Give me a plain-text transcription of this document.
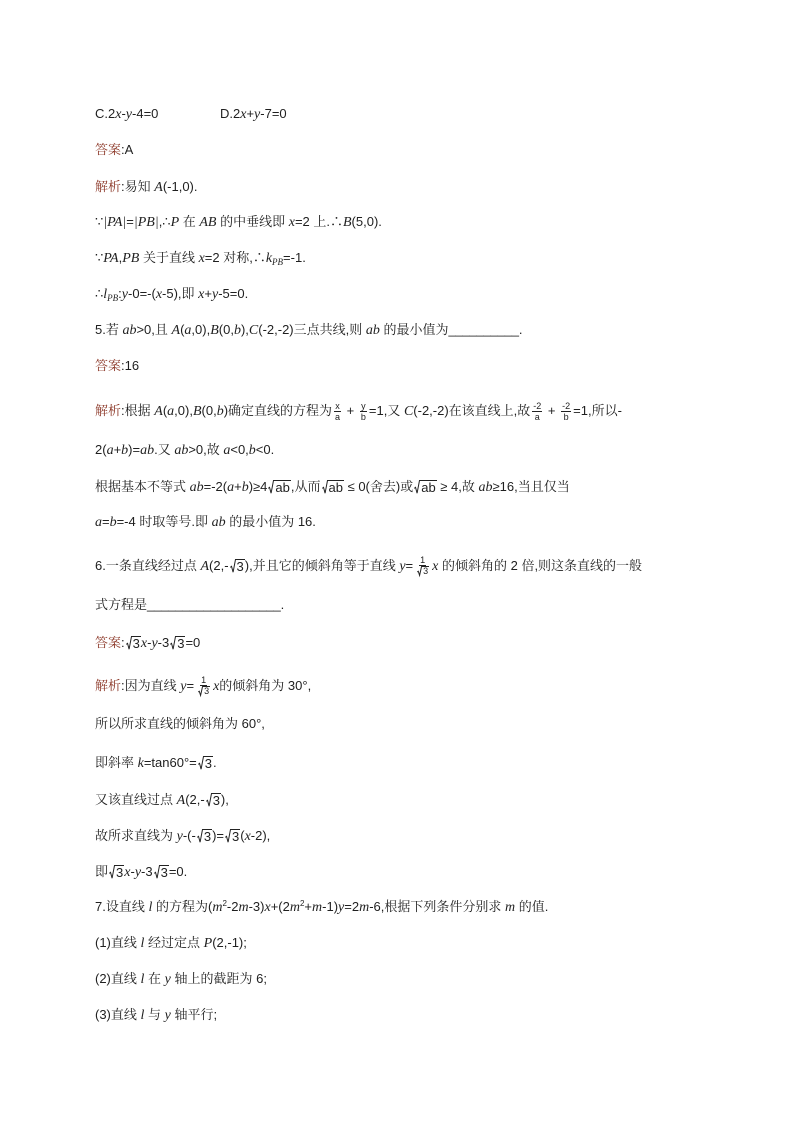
C.2x-y-4=0	D.2x+y-7=0
答案:A
解析:易知 A(-1,0).
∵|PA|=|PB|,∴P 在 AB 的中垂线即 x=2 上.∴B(5,0).
∵PA,PB 关于直线 x=2 对称$,\therefore k_{PB}=-1$.
$\therefore l_{PB}:y-0=-(x-5)$,即 x+y-5=0.
5.若 ab>0,且 A(a,0),B(0,b),C(-2,-2)三点共线,则 ab 的最小值为__________.
答案:16
解析:根据 A(a,0),B(0,b)确定直线的方程为 $\frac{x}{a} + \frac{y}{b} =1$,又 C(-2,-2)在该直线上,故 $\frac{-2}{a} + \frac{-2}{b} =1$,所以-
2(a+b)=ab.又 ab>0,故 a<0,b<0.
根据基本不等式 ab=-2(a+b)≥4 ab ,从而 ab ≤ 0(舍去)或 ab ≥ 4,故 ab≥16,当且仅当
a=b=-4 时取等号.即 ab 的最小值为 16.
6.一条直线经过点 A(2,- 3 ),并且它的倾斜角等于直线 $y= \frac{1}{3}$ x 的倾斜角的 2 倍,则这条直线的一般
式方程是___________________.
答案: 3 x-y-3 3 =0
解析:因为直线 $y= \frac{1}{3}$ x的倾斜角为 30°,
所以所求直线的倾斜角为 60°,
即斜率 k=tan60°= 3 .
又该直线过点 A(2,- 3 ),
故所求直线为 y-(- 3 )= 3 (x-2),
即 3 x-y-3 3 =0.
7.设直线 l 的方程为$(m^2-2m-3)x+(2m^2+m-1)y=2m-6$,根据下列条件分别求 m 的值.
(1)直线 l 经过定点 P(2,-1);
(2)直线 l 在 y 轴上的截距为 6;
(3)直线 l 与 y 轴平行;
